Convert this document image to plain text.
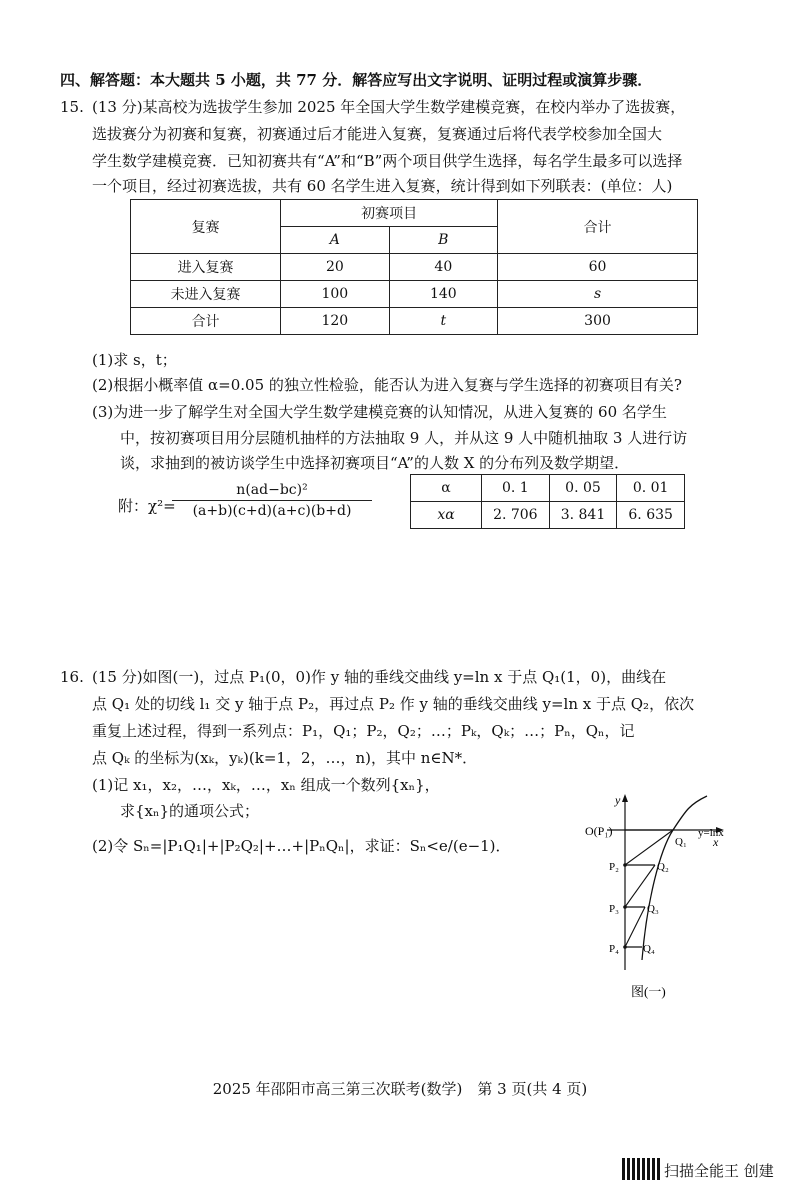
四、解答题：本大题共 5 小题，共 77 分．解答应写出文字说明、证明过程或演算步骤．
15. (13 分)某高校为选拔学生参加 2025 年全国大学生数学建模竞赛，在校内举办了选拔赛，
选拔赛分为初赛和复赛，初赛通过后才能进入复赛，复赛通过后将代表学校参加全国大
学生数学建模竞赛．已知初赛共有“A”和“B”两个项目供学生选择，每名学生最多可以选择
一个项目，经过初赛选拔，共有 60 名学生进入复赛，统计得到如下列联表：(单位：人)
复赛	初赛项目		合计
	A	B	
进入复赛	20	40	60
未进入复赛	100	140	s
合计	120	t	300
(1)求 s，t；
(2)根据小概率值 α=0.05 的独立性检验，能否认为进入复赛与学生选择的初赛项目有关?
(3)为进一步了解学生对全国大学生数学建模竞赛的认知情况，从进入复赛的 60 名学生
中，按初赛项目用分层随机抽样的方法抽取 9 人，并从这 9 人中随机抽取 3 人进行访
谈，求抽到的被访谈学生中选择初赛项目“A”的人数 X 的分布列及数学期望．
附：χ²=
$\frac{\text{n(ad−bc)²}}{(a+b)(c+d)(a+c)(b+d)}$	α	0. 1	0. 05	0. 01
xα	2. 706	3. 841	6. 635
16. (15 分)如图(一)，过点 P₁(0，0)作 y 轴的垂线交曲线 y=ln x 于点 Q₁(1，0)，曲线在
点 Q₁ 处的切线 l₁ 交 y 轴于点 P₂，再过点 P₂ 作 y 轴的垂线交曲线 y=ln x 于点 Q₂，依次
重复上述过程，得到一系列点：P₁，Q₁；P₂，Q₂；…；Pₖ，Qₖ；…；Pₙ，Qₙ，记
点 Qₖ 的坐标为(xₖ，yₖ)(k=1，2，…，n)，其中 n∈N*．
(1)记 x₁，x₂，…，xₖ，…，xₙ 组成一个数列{xₙ}，
求{xₙ}的通项公式；
(2)令 Sₙ=|P₁Q₁|+|P₂Q₂|+…+|PₙQₙ|，求证：Sₙ<e/(e−1)．
y
x
y=lnx
O(P₁)
Q₁
P₂	Q₂
P₃	Q₃
P₄ Q₄
图(一)
2025 年邵阳市高三第三次联考(数学)　第 3 页(共 4 页)
扫描全能王 创建
